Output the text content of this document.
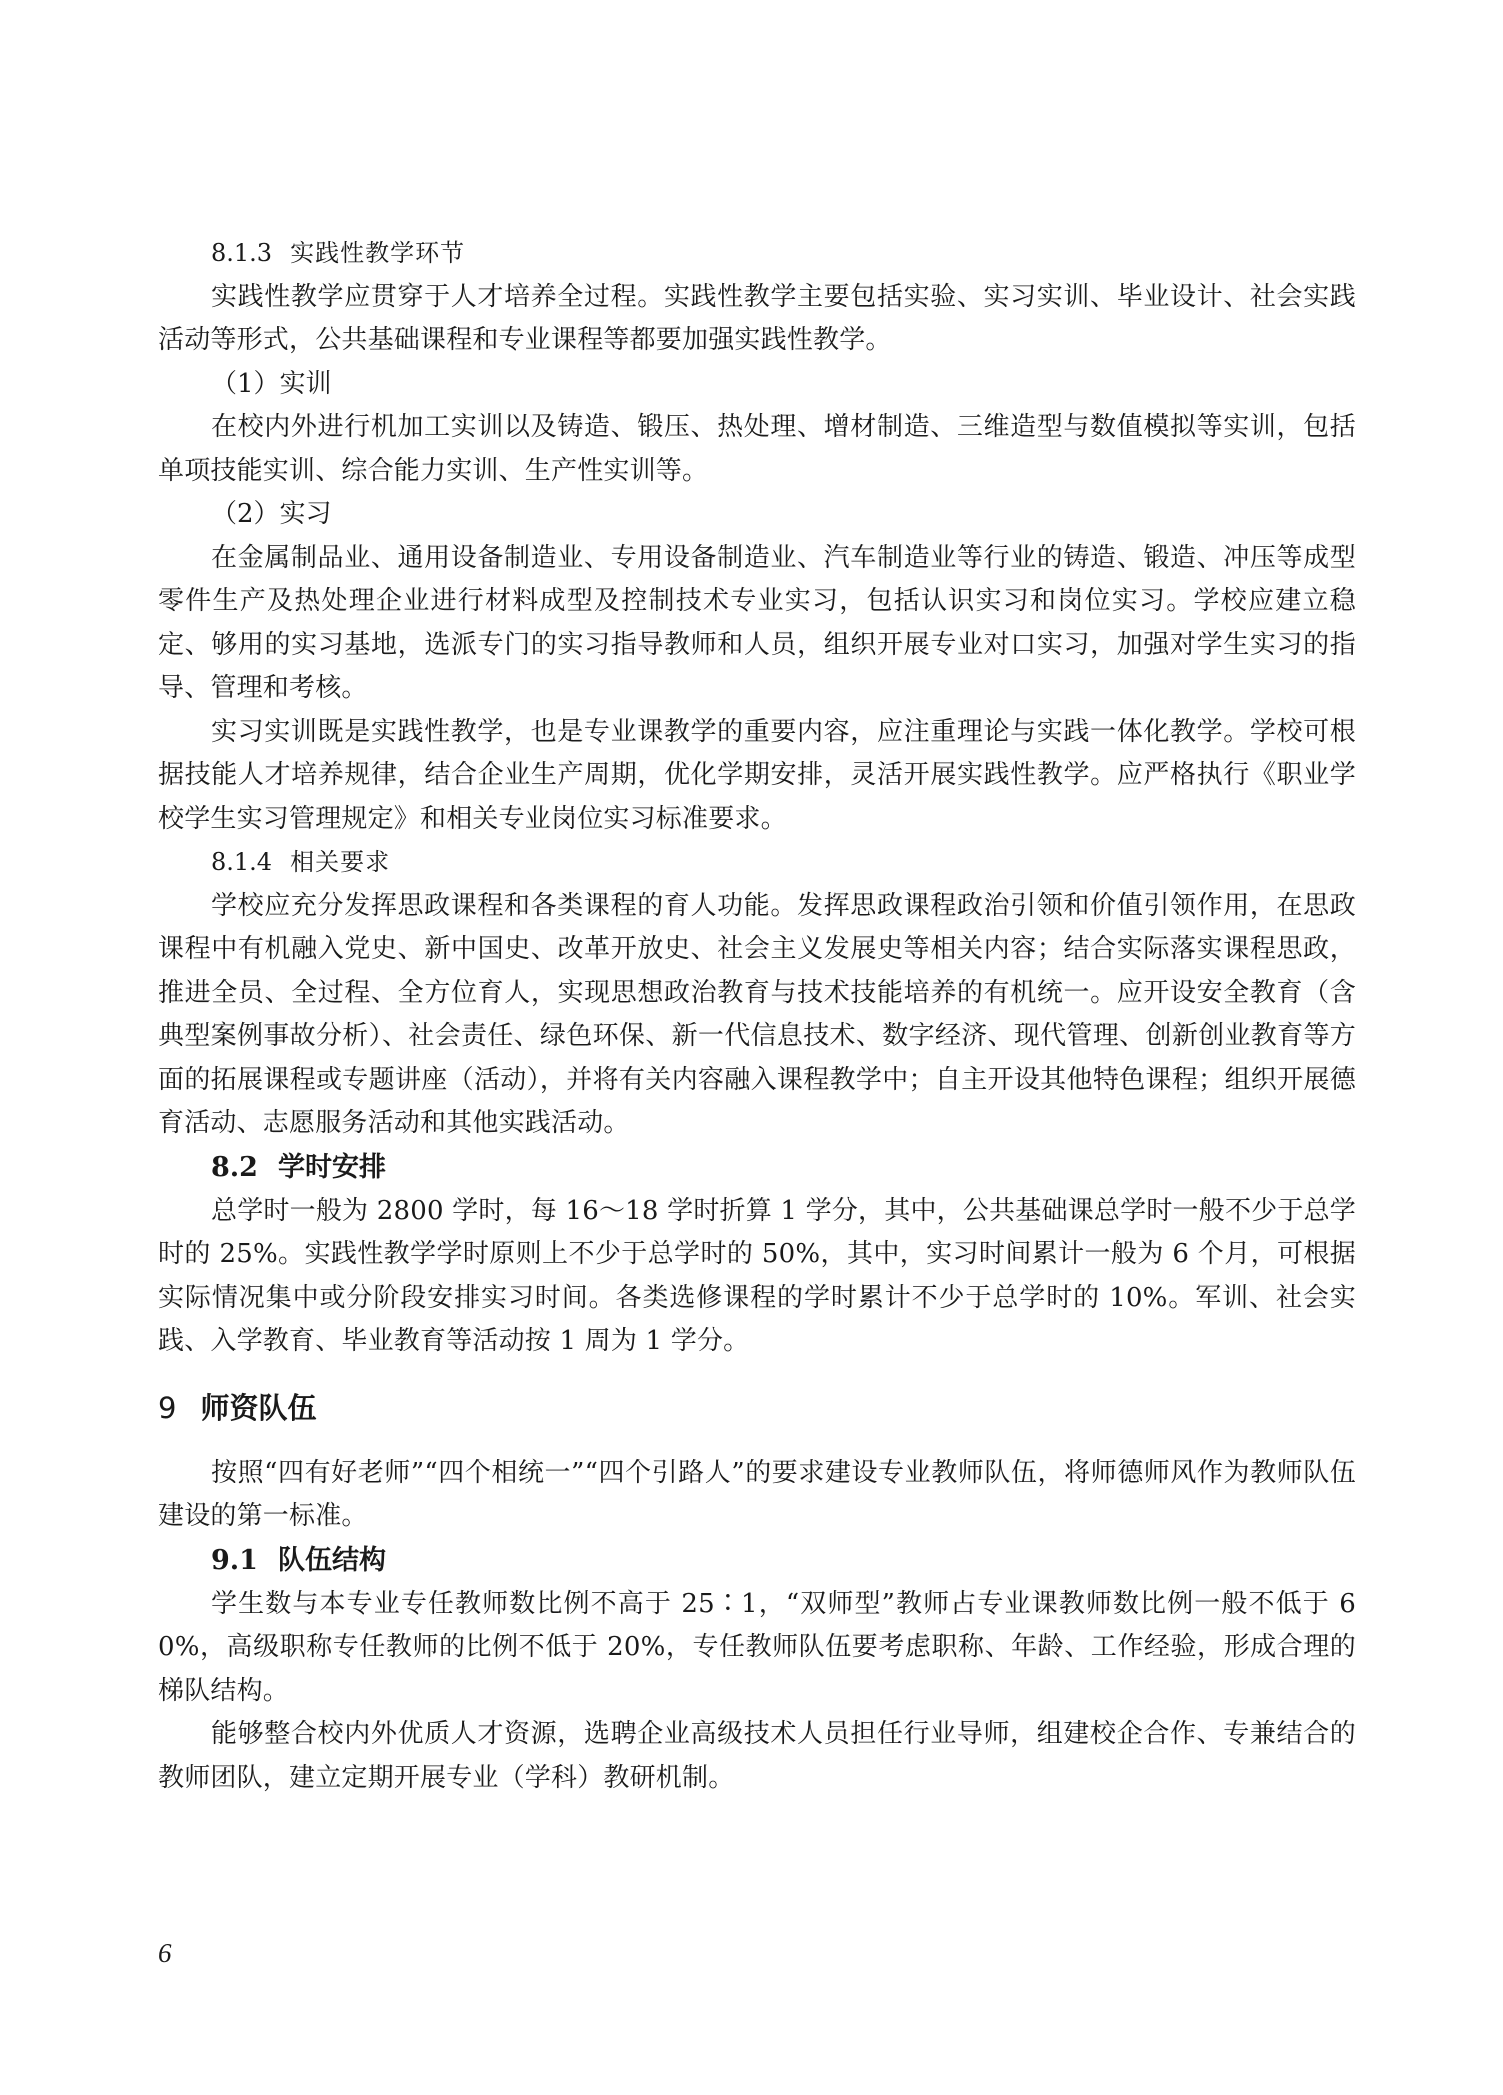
8.1.3 实践性教学环节

实践性教学应贯穿于人才培养全过程。实践性教学主要包括实验、实习实训、毕业设计、社会实践活动等形式，公共基础课程和专业课程等都要加强实践性教学。

（1）实训

在校内外进行机加工实训以及铸造、锻压、热处理、增材制造、三维造型与数值模拟等实训，包括单项技能实训、综合能力实训、生产性实训等。

（2）实习

在金属制品业、通用设备制造业、专用设备制造业、汽车制造业等行业的铸造、锻造、冲压等成型零件生产及热处理企业进行材料成型及控制技术专业实习，包括认识实习和岗位实习。学校应建立稳定、够用的实习基地，选派专门的实习指导教师和人员，组织开展专业对口实习，加强对学生实习的指导、管理和考核。

实习实训既是实践性教学，也是专业课教学的重要内容，应注重理论与实践一体化教学。学校可根据技能人才培养规律，结合企业生产周期，优化学期安排，灵活开展实践性教学。应严格执行《职业学校学生实习管理规定》和相关专业岗位实习标准要求。

8.1.4 相关要求

学校应充分发挥思政课程和各类课程的育人功能。发挥思政课程政治引领和价值引领作用，在思政课程中有机融入党史、新中国史、改革开放史、社会主义发展史等相关内容；结合实际落实课程思政，推进全员、全过程、全方位育人，实现思想政治教育与技术技能培养的有机统一。应开设安全教育（含典型案例事故分析）、社会责任、绿色环保、新一代信息技术、数字经济、现代管理、创新创业教育等方面的拓展课程或专题讲座（活动），并将有关内容融入课程教学中；自主开设其他特色课程；组织开展德育活动、志愿服务活动和其他实践活动。

8.2 学时安排

总学时一般为 2800 学时，每 16～18 学时折算 1 学分，其中，公共基础课总学时一般不少于总学时的 25%。实践性教学学时原则上不少于总学时的 50%，其中，实习时间累计一般为 6 个月，可根据实际情况集中或分阶段安排实习时间。各类选修课程的学时累计不少于总学时的 10%。军训、社会实践、入学教育、毕业教育等活动按 1 周为 1 学分。

9 师资队伍

按照“四有好老师”“四个相统一”“四个引路人”的要求建设专业教师队伍，将师德师风作为教师队伍建设的第一标准。

9.1 队伍结构

学生数与本专业专任教师数比例不高于 25∶1，“双师型”教师占专业课教师数比例一般不低于 60%，高级职称专任教师的比例不低于 20%，专任教师队伍要考虑职称、年龄、工作经验，形成合理的梯队结构。

能够整合校内外优质人才资源，选聘企业高级技术人员担任行业导师，组建校企合作、专兼结合的教师团队，建立定期开展专业（学科）教研机制。

6
